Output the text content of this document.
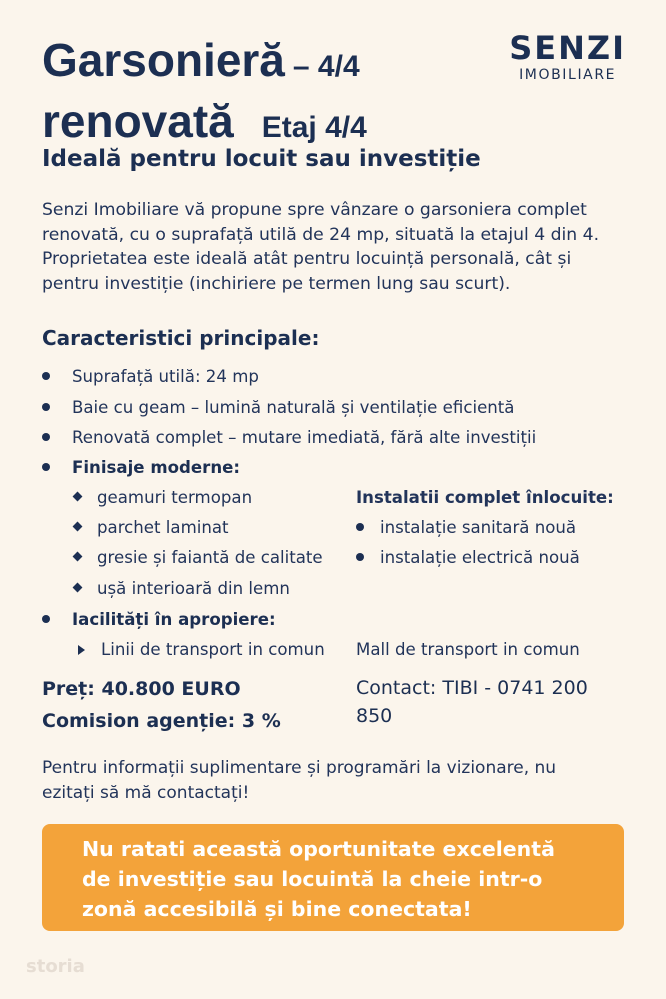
Garsonieră – 4/4
renovată Etaj 4/4
SENZI
IMOBILIARE
Ideală pentru locuit sau investiție
Senzi Imobiliare vă propune spre vânzare o garsoniera complet renovată, cu o suprafață utilă de 24 mp, situată la etajul 4 din 4. Proprietatea este ideală atât pentru locuință personală, cât și pentru investiție (inchiriere pe termen lung sau scurt).
Caracteristici principale:
Suprafață utilă: 24 mp
Baie cu geam – lumină naturală și ventilație eficientă
Renovată complet – mutare imediată, fără alte investiții
Finisaje moderne:
geamuri termopan
parchet laminat
gresie și faiantă de calitate
ușă interioară din lemn
Instalatii complet înlocuite:
instalație sanitară nouă
instalație electrică nouă
Iacilități în apropiere:
Linii de transport in comun Mall de transport in comun
Preț: 40.800 EURO
Comision agenție: 3 %
Contact: TIBI - 0741 200 850
Pentru informații suplimentare și programări la vizionare, nu ezitați să mă contactați!
Nu ratati această oportunitate excelentă de investiție sau locuintă la cheie intr-o zonă accesibilă și bine conectata!
storia
